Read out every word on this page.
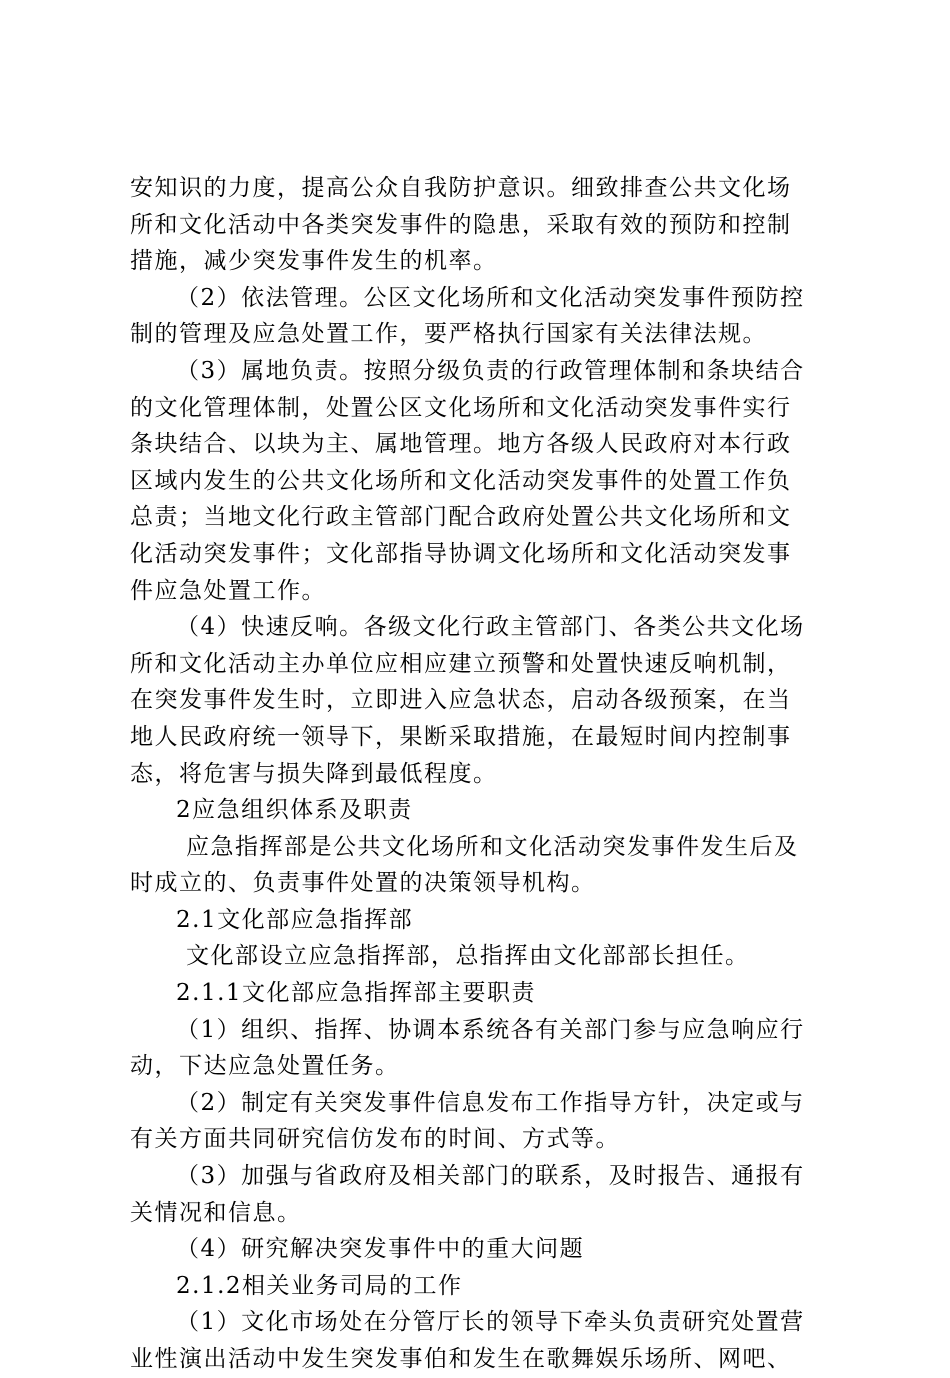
安知识的力度，提高公众自我防护意识。细致排查公共文化场
所和文化活动中各类突发事件的隐患，采取有效的预防和控制
措施，减少突发事件发生的机率。
（2）依法管理。公区文化场所和文化活动突发事件预防控
制的管理及应急处置工作，要严格执行国家有关法律法规。
（3）属地负责。按照分级负责的行政管理体制和条块结合
的文化管理体制，处置公区文化场所和文化活动突发事件实行
条块结合、以块为主、属地管理。地方各级人民政府对本行政
区域内发生的公共文化场所和文化活动突发事件的处置工作负
总责；当地文化行政主管部门配合政府处置公共文化场所和文
化活动突发事件；文化部指导协调文化场所和文化活动突发事
件应急处置工作。
（4）快速反响。各级文化行政主管部门、各类公共文化场
所和文化活动主办单位应相应建立预警和处置快速反响机制，
在突发事件发生时，立即进入应急状态，启动各级预案，在当
地人民政府统一领导下，果断采取措施，在最短时间内控制事
态，将危害与损失降到最低程度。
2应急组织体系及职责
应急指挥部是公共文化场所和文化活动突发事件发生后及
时成立的、负责事件处置的决策领导机构。
2.1文化部应急指挥部
文化部设立应急指挥部，总指挥由文化部部长担任。
2.1.1文化部应急指挥部主要职责
（1）组织、指挥、协调本系统各有关部门参与应急响应行
动，下达应急处置任务。
（2）制定有关突发事件信息发布工作指导方针，决定或与
有关方面共同研究信仿发布的时间、方式等。
（3）加强与省政府及相关部门的联系，及时报告、通报有
关情况和信息。
（4）研究解决突发事件中的重大问题
2.1.2相关业务司局的工作
（1）文化市场处在分管厅长的领导下牵头负责研究处置营
业性演出活动中发生突发事伯和发生在歌舞娱乐场所、网吧、
